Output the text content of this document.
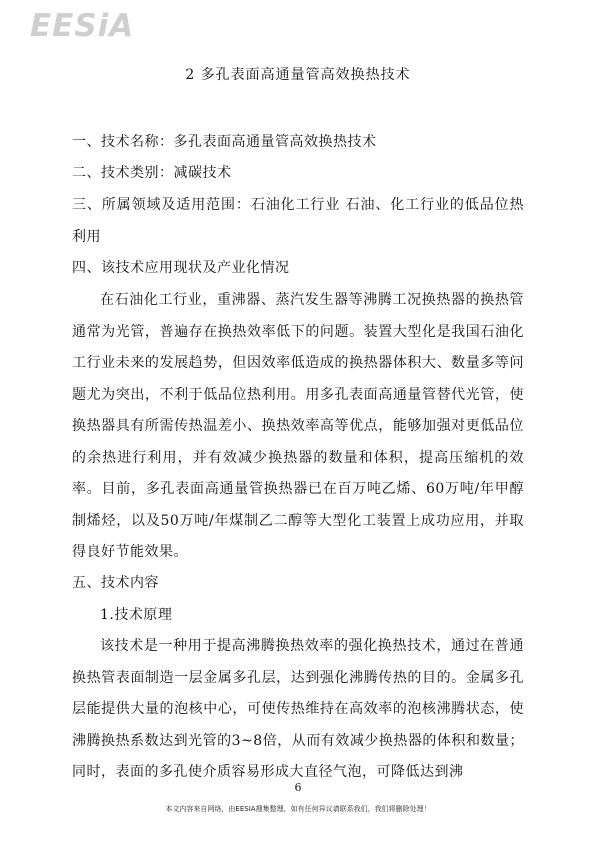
EESiA
2 多孔表面高通量管高效换热技术

一、技术名称：多孔表面高通量管高效换热技术

二、技术类别：减碳技术

三、所属领域及适用范围：石油化工行业 石油、化工行业的低品位热利用

四、该技术应用现状及产业化情况

在石油化工行业，重沸器、蒸汽发生器等沸腾工况换热器的换热管通常为光管，普遍存在换热效率低下的问题。装置大型化是我国石油化工行业未来的发展趋势，但因效率低造成的换热器体积大、数量多等问题尤为突出，不利于低品位热利用。用多孔表面高通量管替代光管，使换热器具有所需传热温差小、换热效率高等优点，能够加强对更低品位的余热进行利用，并有效减少换热器的数量和体积，提高压缩机的效率。目前，多孔表面高通量管换热器已在百万吨乙烯、60万吨/年甲醇制烯烃，以及50万吨/年煤制乙二醇等大型化工装置上成功应用，并取得良好节能效果。

五、技术内容

1.技术原理

该技术是一种用于提高沸腾换热效率的强化换热技术，通过在普通换热管表面制造一层金属多孔层，达到强化沸腾传热的目的。金属多孔层能提供大量的泡核中心，可使传热维持在高效率的泡核沸腾状态，使沸腾换热系数达到光管的3~8倍，从而有效减少换热器的体积和数量；同时，表面的多孔使介质容易形成大直径气泡，可降低达到沸

6
本文内容来自网络，由EESIA搜集整理，如有任何异议请联系我们，我们将删除处理！
